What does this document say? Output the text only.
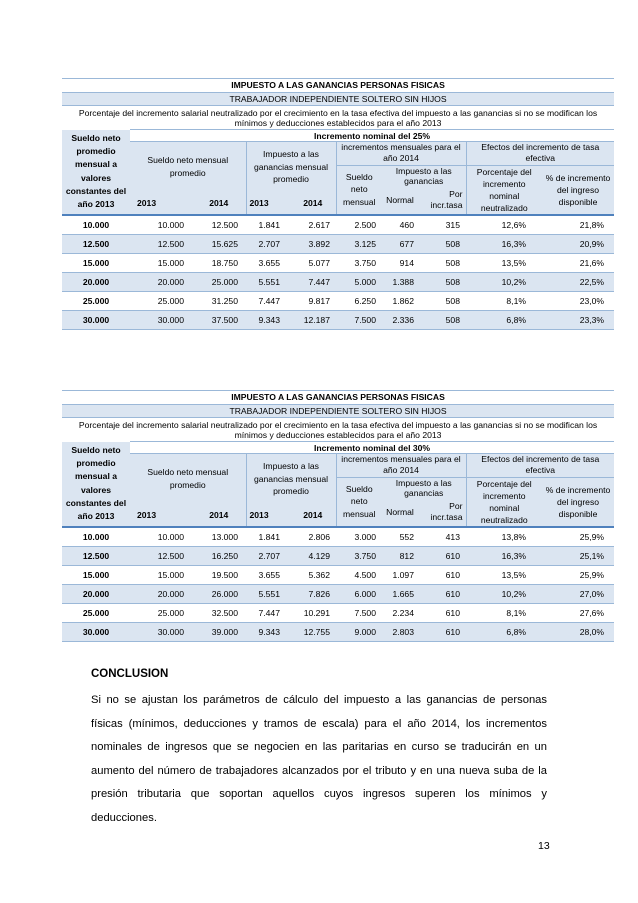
IMPUESTO A LAS GANANCIAS PERSONAS FISICAS									
TRABAJADOR INDEPENDIENTE SOLTERO SIN HIJOS									
Porcentaje del incremento salarial neutralizado por el crecimiento en la tasa efectiva del impuesto a las ganancias si no se modifican los mínimos y deducciones establecidos para el año 2013									
Sueldo neto promedio mensual a valores constantes del año 2013	Incremento nominal del 25%								
	Sueldo neto mensual promedio		Impuesto a las ganancias mensual promedio		incrementos mensuales para el año 2014			Efectos del incremento de tasa efectiva	
					Sueldo neto mensual	Impuesto a las ganancias		Porcentaje del incremento nominal neutralizado	% de incremento del ingreso disponible
						Normal	Por incr.tasa		
	2013	2014	2013	2014					
10.000	10.000	12.500	1.841	2.617	2.500	460	315	12,6%	21,8%
12.500	12.500	15.625	2.707	3.892	3.125	677	508	16,3%	20,9%
15.000	15.000	18.750	3.655	5.077	3.750	914	508	13,5%	21,6%
20.000	20.000	25.000	5.551	7.447	5.000	1.388	508	10,2%	22,5%
25.000	25.000	31.250	7.447	9.817	6.250	1.862	508	8,1%	23,0%
30.000	30.000	37.500	9.343	12.187	7.500	2.336	508	6,8%	23,3%
IMPUESTO A LAS GANANCIAS PERSONAS FISICAS									
TRABAJADOR INDEPENDIENTE SOLTERO SIN HIJOS									
Porcentaje del incremento salarial neutralizado por el crecimiento en la tasa efectiva del impuesto a las ganancias si no se modifican los mínimos y deducciones establecidos para el año 2013									
Sueldo neto promedio mensual a valores constantes del año 2013	Incremento nominal del 30%								
	Sueldo neto mensual promedio		Impuesto a las ganancias mensual promedio		incrementos mensuales para el año 2014			Efectos del incremento de tasa efectiva	
					Sueldo neto mensual	Impuesto a las ganancias		Porcentaje del incremento nominal neutralizado	% de incremento del ingreso disponible
						Normal	Por incr.tasa		
	2013	2014	2013	2014					
10.000	10.000	13.000	1.841	2.806	3.000	552	413	13,8%	25,9%
12.500	12.500	16.250	2.707	4.129	3.750	812	610	16,3%	25,1%
15.000	15.000	19.500	3.655	5.362	4.500	1.097	610	13,5%	25,9%
20.000	20.000	26.000	5.551	7.826	6.000	1.665	610	10,2%	27,0%
25.000	25.000	32.500	7.447	10.291	7.500	2.234	610	8,1%	27,6%
30.000	30.000	39.000	9.343	12.755	9.000	2.803	610	6,8%	28,0%
CONCLUSION
Si no se ajustan los parámetros de cálculo del impuesto a las ganancias de personas físicas (mínimos, deducciones y tramos de escala) para el año 2014, los incrementos nominales de ingresos que se negocien en las paritarias en curso se traducirán en un aumento del número de trabajadores alcanzados por el tributo y en una nueva suba de la presión tributaria que soportan aquellos cuyos ingresos superen los mínimos y deducciones.
13
